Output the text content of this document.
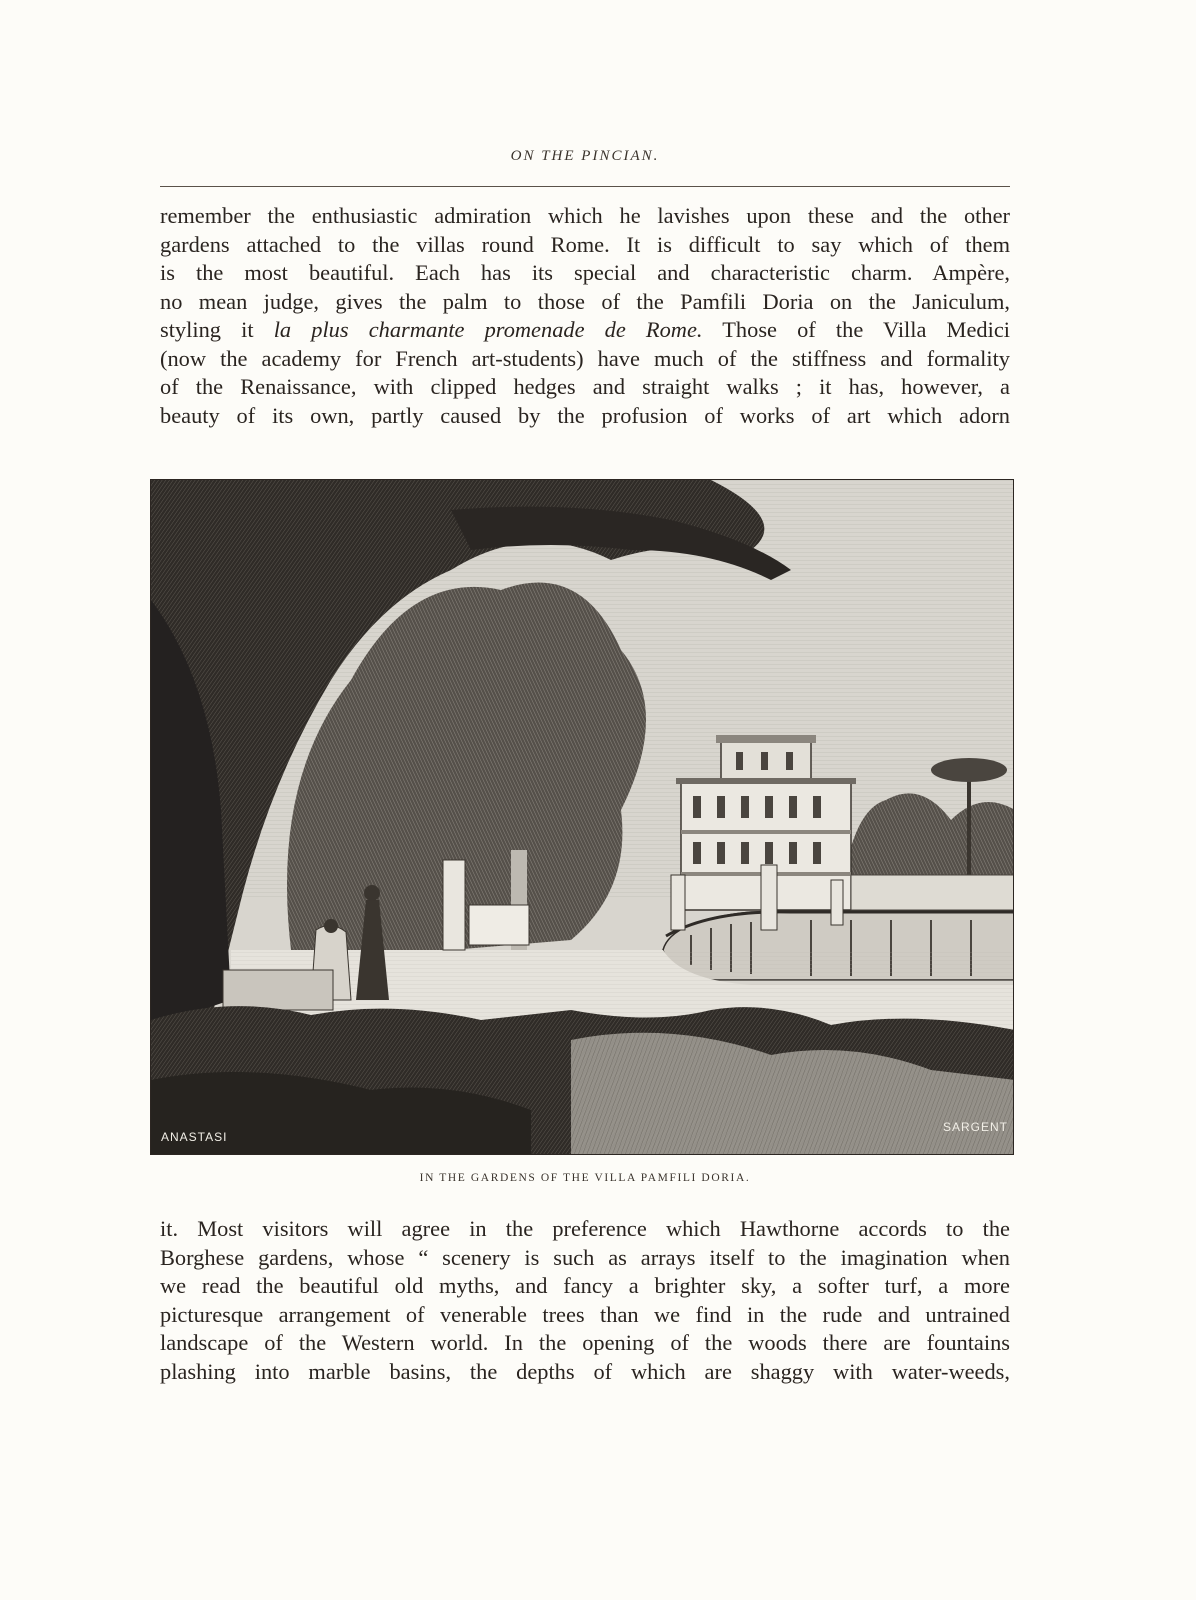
ON THE PINCIAN.

remember the enthusiastic admiration which he lavishes upon these and the other
gardens attached to the villas round Rome. It is difficult to say which of them
is the most beautiful. Each has its special and characteristic charm. Ampère,
no mean judge, gives the palm to those of the Pamfili Doria on the Janiculum,
styling it la plus charmante promenade de Rome. Those of the Villa Medici
(now the academy for French art-students) have much of the stiffness and formality
of the Renaissance, with clipped hedges and straight walks ; it has, however, a
beauty of its own, partly caused by the profusion of works of art which adorn

ANASTASI
SARGENT
IN THE GARDENS OF THE VILLA PAMFILI DORIA.

it. Most visitors will agree in the preference which Hawthorne accords to the
Borghese gardens, whose “ scenery is such as arrays itself to the imagination when
we read the beautiful old myths, and fancy a brighter sky, a softer turf, a more
picturesque arrangement of venerable trees than we find in the rude and untrained
landscape of the Western world. In the opening of the woods there are fountains
plashing into marble basins, the depths of which are shaggy with water-weeds,
